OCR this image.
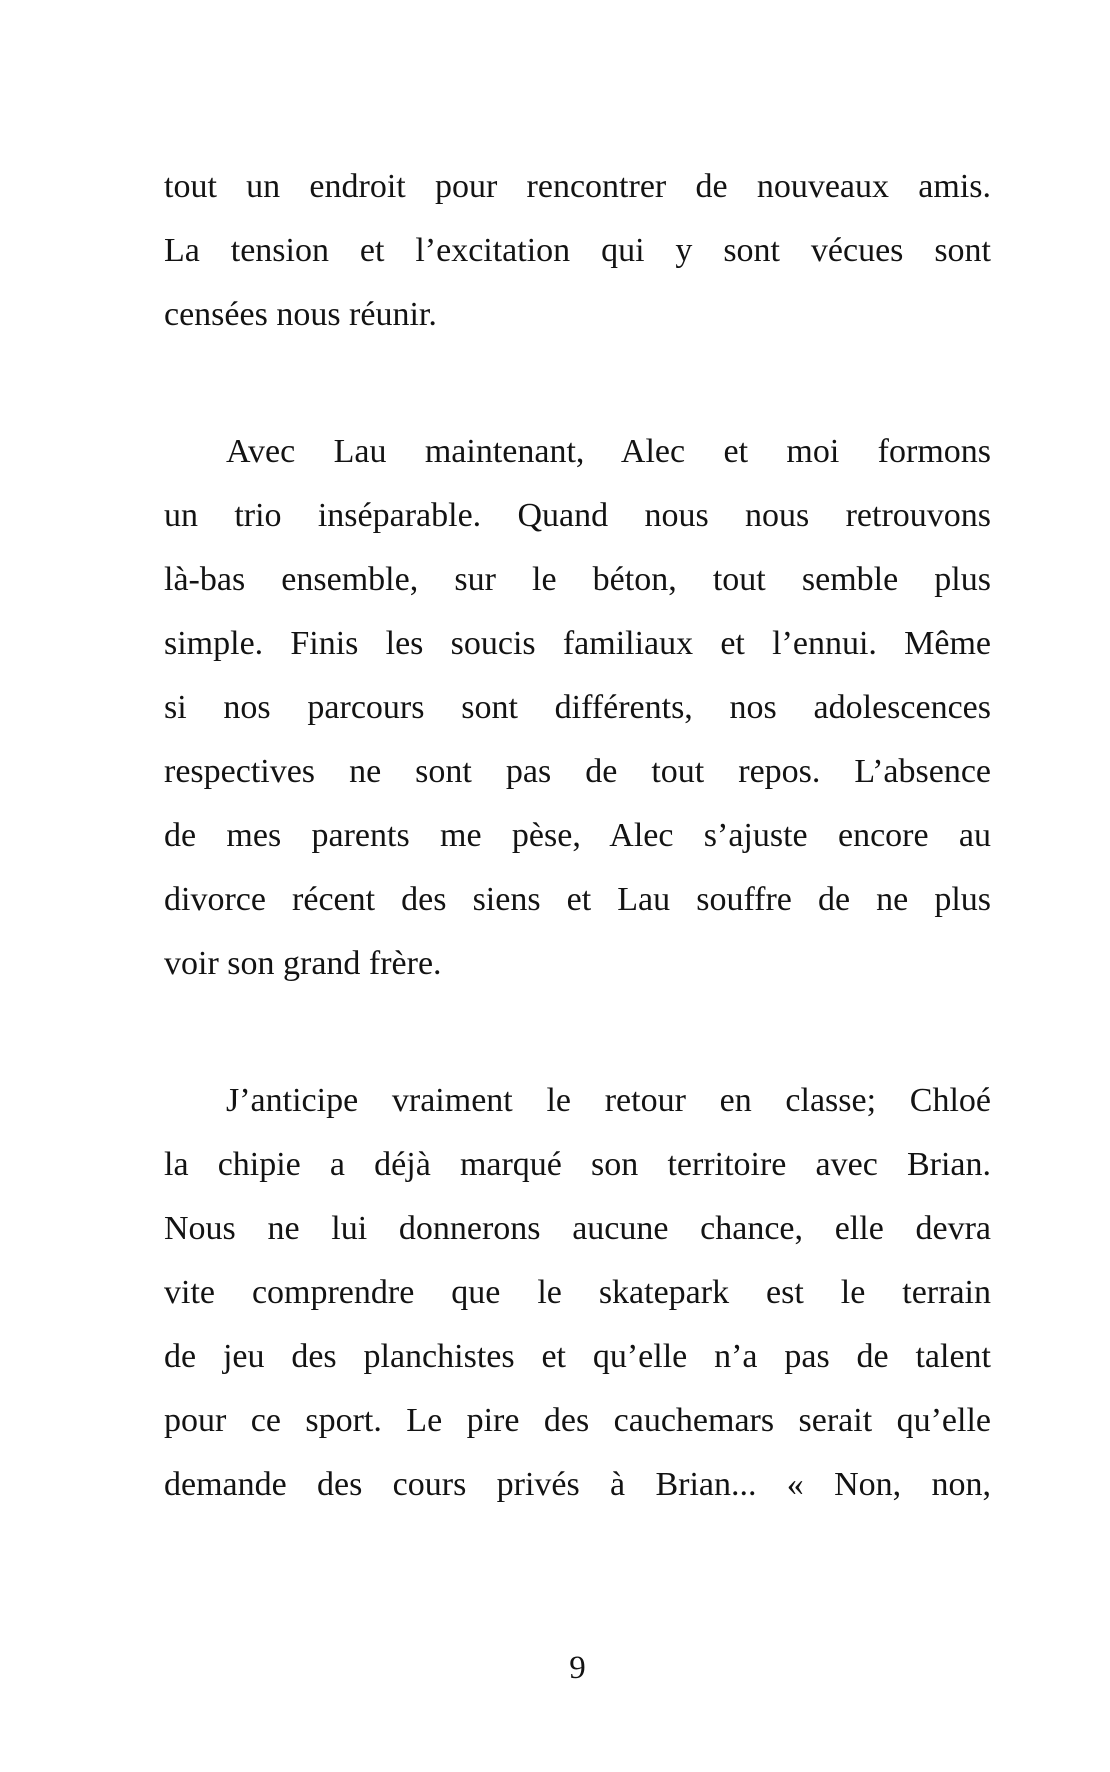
tout un endroit pour rencontrer de nouveaux amis.
La tension et l’excitation qui y sont vécues sont
censées nous réunir.
Avec Lau maintenant, Alec et moi formons
un trio inséparable. Quand nous nous retrouvons
là-bas ensemble, sur le béton, tout semble plus
simple. Finis les soucis familiaux et l’ennui. Même
si nos parcours sont différents, nos adolescences
respectives ne sont pas de tout repos. L’absence
de mes parents me pèse, Alec s’ajuste encore au
divorce récent des siens et Lau souffre de ne plus
voir son grand frère.
J’anticipe vraiment le retour en classe; Chloé
la chipie a déjà marqué son territoire avec Brian.
Nous ne lui donnerons aucune chance, elle devra
vite comprendre que le skatepark est le terrain
de jeu des planchistes et qu’elle n’a pas de talent
pour ce sport. Le pire des cauchemars serait qu’elle
demande des cours privés à Brian... « Non, non,
9
